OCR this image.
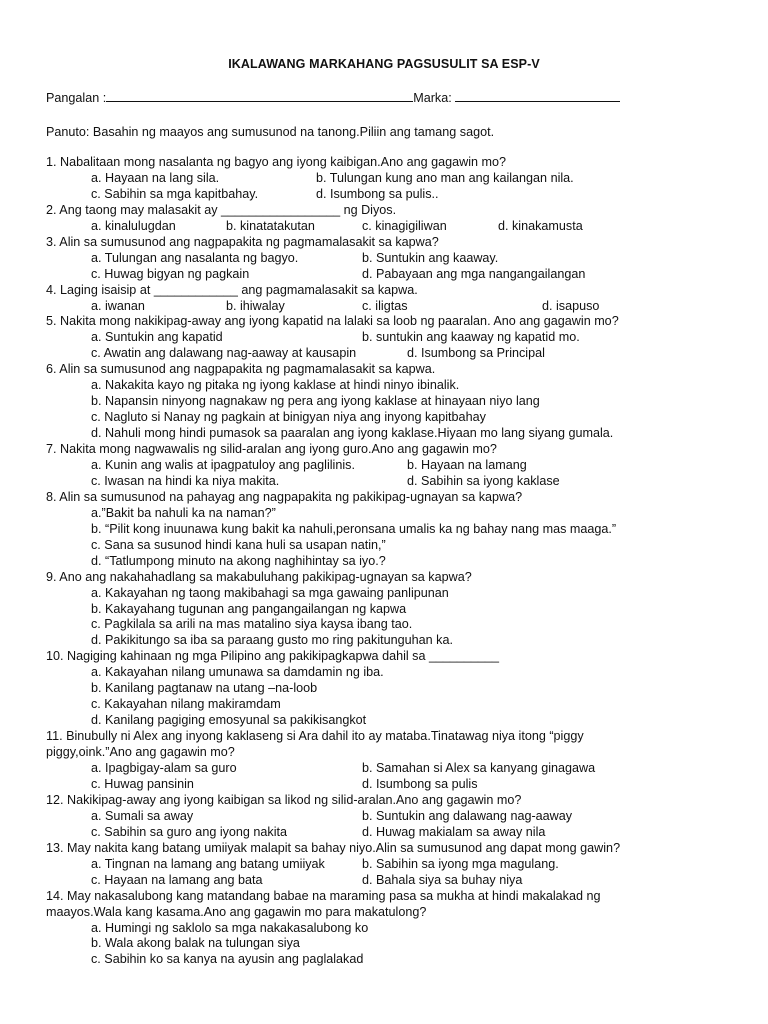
IKALAWANG MARKAHANG PAGSUSULIT SA ESP-V
Pangalan :	Marka:
Panuto: Basahin ng maayos ang sumusunod na tanong.Piliin ang tamang sagot.
1. Nabalitaan mong nasalanta ng bagyo ang iyong kaibigan.Ano ang gagawin mo?
a. Hayaan na lang sila.	b. Tulungan kung ano man ang kailangan nila.
c. Sabihin sa mga kapitbahay.	d. Isumbong sa pulis..
2. Ang taong may malasakit ay _________________ ng Diyos.
a. kinalulugdan	b. kinatatakutan	c. kinagigiliwan	d. kinakamusta
3. Alin sa sumusunod ang nagpapakita ng pagmamalasakit sa kapwa?
a. Tulungan ang nasalanta ng bagyo.	b. Suntukin ang kaaway.
c. Huwag bigyan ng pagkain	d. Pabayaan ang mga nangangailangan
4. Laging isaisip at ____________ ang pagmamalasakit sa kapwa.
a. iwanan	b. ihiwalay	c. iligtas	d. isapuso
5. Nakita mong nakikipag-away ang iyong kapatid na lalaki sa loob ng paaralan. Ano ang gagawin mo?
a. Suntukin ang kapatid	b. suntukin ang kaaway ng kapatid mo.
c. Awatin ang dalawang nag-aaway at kausapin	d. Isumbong sa Principal
6. Alin sa sumusunod ang nagpapakita ng pagmamalasakit sa kapwa.
a. Nakakita kayo ng pitaka ng iyong kaklase at hindi ninyo ibinalik.
b. Napansin ninyong nagnakaw ng pera ang iyong kaklase at hinayaan niyo lang
c. Nagluto si Nanay ng pagkain at binigyan niya ang inyong kapitbahay
d. Nahuli mong hindi pumasok sa paaralan ang iyong kaklase.Hiyaan mo lang siyang gumala.
7. Nakita mong nagwawalis ng silid-aralan ang iyong guro.Ano ang gagawin mo?
a. Kunin ang walis at ipagpatuloy ang paglilinis.	b. Hayaan na lamang
c. Iwasan na hindi ka niya makita.	d. Sabihin sa iyong kaklase
8. Alin sa sumusunod na pahayag ang nagpapakita ng pakikipag-ugnayan sa kapwa?
a.”Bakit ba nahuli ka na naman?”
b. “Pilit kong inuunawa kung bakit ka nahuli,peronsana umalis ka ng bahay nang mas maaga.”
c. Sana sa susunod hindi kana huli sa usapan natin,”
d. “Tatlumpong minuto na akong naghihintay sa iyo.?
9. Ano ang nakahahadlang sa makabuluhang pakikipag-ugnayan sa kapwa?
a. Kakayahan ng taong makibahagi sa mga gawaing panlipunan
b. Kakayahang tugunan ang pangangailangan ng kapwa
c. Pagkilala sa arili na mas matalino siya kaysa ibang tao.
d. Pakikitungo sa iba sa paraang gusto mo ring pakitunguhan ka.
10. Nagiging kahinaan ng mga Pilipino ang pakikipagkapwa dahil sa __________
a. Kakayahan nilang umunawa sa damdamin ng iba.
b. Kanilang pagtanaw na utang –na-loob
c. Kakayahan nilang makiramdam
d. Kanilang pagiging emosyunal sa pakikisangkot
11. Binubully ni Alex ang inyong kaklaseng si Ara dahil ito ay mataba.Tinatawag niya itong “piggy
piggy,oink.”Ano ang gagawin mo?
a. Ipagbigay-alam sa guro	b. Samahan si Alex sa kanyang ginagawa
c. Huwag pansinin	d. Isumbong sa pulis
12. Nakikipag-away ang iyong kaibigan sa likod ng silid-aralan.Ano ang gagawin mo?
a. Sumali sa away	b. Suntukin ang dalawang nag-aaway
c. Sabihin sa guro ang iyong nakita	d. Huwag makialam sa away nila
13. May nakita kang batang umiiyak malapit sa bahay niyo.Alin sa sumusunod ang dapat mong gawin?
a. Tingnan na lamang ang batang umiiyak	b. Sabihin sa iyong mga magulang.
c. Hayaan na lamang ang bata	d. Bahala siya sa buhay niya
14. May nakasalubong kang matandang babae na maraming pasa sa mukha at hindi makalakad ng
maayos.Wala kang kasama.Ano ang gagawin mo para makatulong?
a. Humingi ng saklolo sa mga nakakasalubong ko
b. Wala akong balak na tulungan siya
c. Sabihin ko sa kanya na ayusin ang paglalakad
